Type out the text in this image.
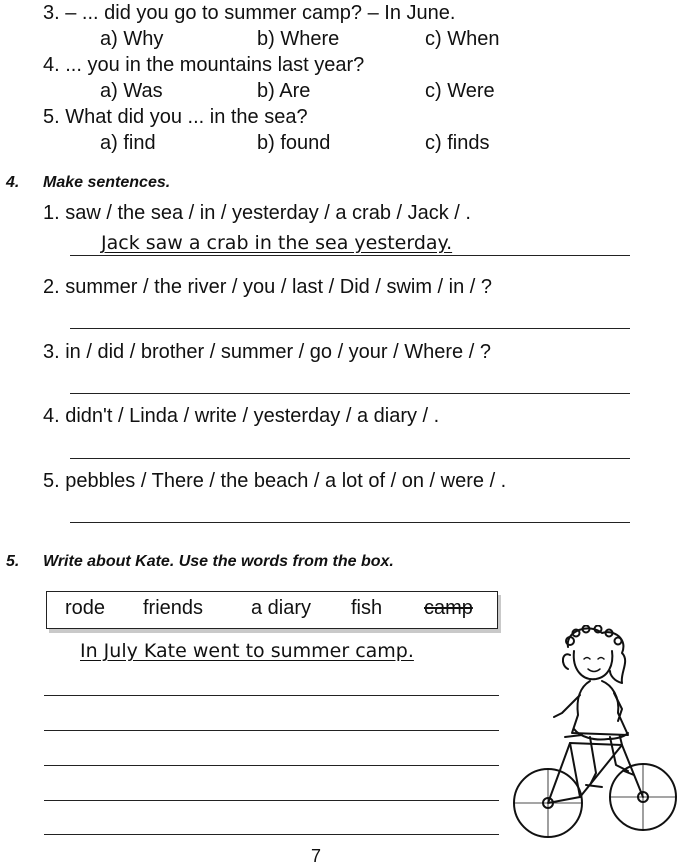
3. – ... did you go to summer camp? – In June.
a) Why	b) Where	c) When
4. ... you in the mountains last year?
a) Was	b) Are	c) Were
5. What did you ... in the sea?
a) find	b) found	c) finds
4. Make sentences.
1. saw / the sea / in / yesterday / a crab / Jack / .
Jack saw a crab in the sea yesterday.
2. summer / the river / you / last / Did / swim / in / ?
3. in / did / brother / summer / go / your / Where / ?
4. didn't / Linda / write / yesterday / a diary / .
5. pebbles / There / the beach / a lot of / on / were / .
5. Write about Kate. Use the words from the box.
rode friends a diary fish camp
In July Kate went to summer camp.
7
